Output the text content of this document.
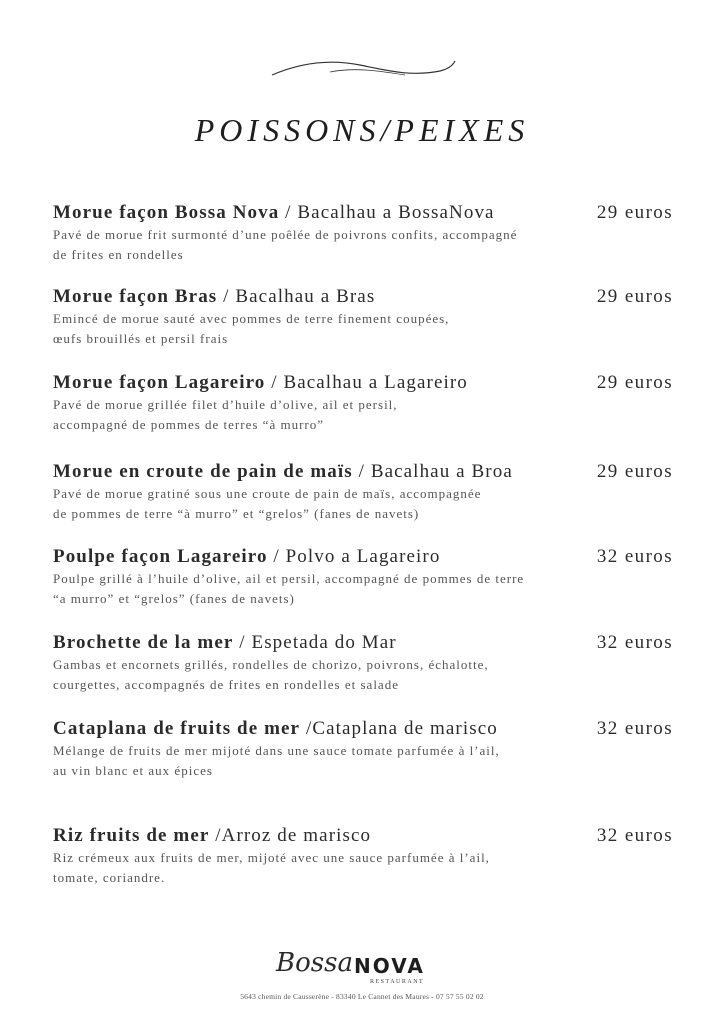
POISSONS/PEIXES
Morue façon Bossa Nova / Bacalhau a BossaNova	29 euros
Pavé de morue frit surmonté d’une poêlée de poivrons confits, accompagné
de frites en rondelles
Morue façon Bras / Bacalhau a Bras	29 euros
Emincé de morue sauté avec pommes de terre finement coupées,
œufs brouillés et persil frais
Morue façon Lagareiro / Bacalhau a Lagareiro	29 euros
Pavé de morue grillée filet d’huile d’olive, ail et persil,
accompagné de pommes de terres “à murro”
Morue en croute de pain de maïs / Bacalhau a Broa	29 euros
Pavé de morue gratiné sous une croute de pain de maïs, accompagnée
de pommes de terre “à murro” et “grelos” (fanes de navets)
Poulpe façon Lagareiro / Polvo a Lagareiro	32 euros
Poulpe grillé à l’huile d’olive, ail et persil, accompagné de pommes de terre
“a murro” et “grelos” (fanes de navets)
Brochette de la mer / Espetada do Mar	32 euros
Gambas et encornets grillés, rondelles de chorizo, poivrons, échalotte,
courgettes, accompagnés de frites en rondelles et salade
Cataplana de fruits de mer /Cataplana de marisco	32 euros
Mélange de fruits de mer mijoté dans une sauce tomate parfumée à l’ail,
au vin blanc et aux épices
Riz fruits de mer /Arroz de marisco	32 euros
Riz crémeux aux fruits de mer, mijoté avec une sauce parfumée à l’ail,
tomate, coriandre.
Bossa NOVA
RESTAURANT
5643 chemin de Causserène - 83340 Le Cannet des Maures - 07 57 55 02 02
